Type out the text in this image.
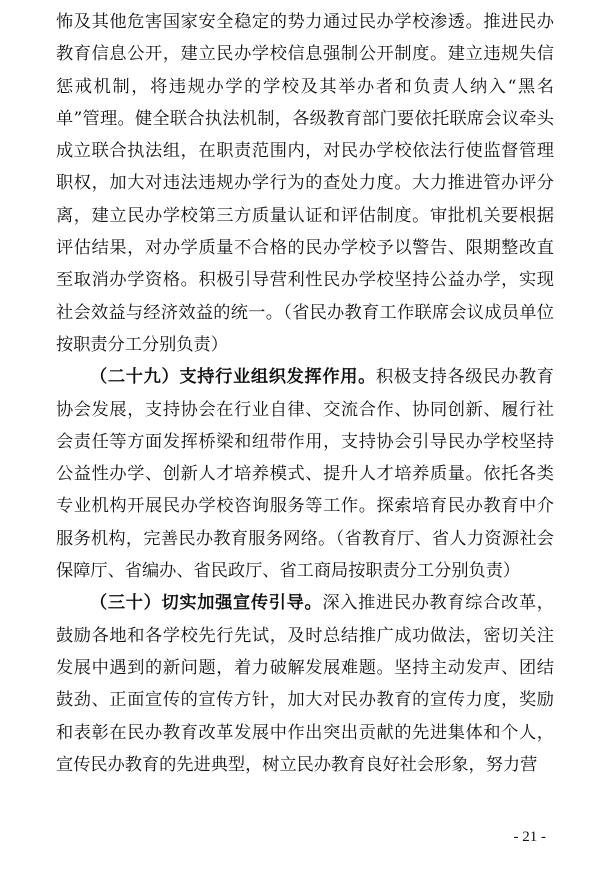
怖及其他危害国家安全稳定的势力通过民办学校渗透。推进民办教育信息公开，建立民办学校信息强制公开制度。建立违规失信惩戒机制，将违规办学的学校及其举办者和负责人纳入“黑名单”管理。健全联合执法机制，各级教育部门要依托联席会议牵头成立联合执法组，在职责范围内，对民办学校依法行使监督管理职权，加大对违法违规办学行为的查处力度。大力推进管办评分离，建立民办学校第三方质量认证和评估制度。审批机关要根据评估结果，对办学质量不合格的民办学校予以警告、限期整改直至取消办学资格。积极引导营利性民办学校坚持公益办学，实现社会效益与经济效益的统一。（省民办教育工作联席会议成员单位按职责分工分别负责）

（二十九）支持行业组织发挥作用。积极支持各级民办教育协会发展，支持协会在行业自律、交流合作、协同创新、履行社会责任等方面发挥桥梁和纽带作用，支持协会引导民办学校坚持公益性办学、创新人才培养模式、提升人才培养质量。依托各类专业机构开展民办学校咨询服务等工作。探索培育民办教育中介服务机构，完善民办教育服务网络。（省教育厅、省人力资源社会保障厅、省编办、省民政厅、省工商局按职责分工分别负责）

（三十）切实加强宣传引导。深入推进民办教育综合改革，鼓励各地和各学校先行先试，及时总结推广成功做法，密切关注发展中遇到的新问题，着力破解发展难题。坚持主动发声、团结鼓劲、正面宣传的宣传方针，加大对民办教育的宣传力度，奖励和表彰在民办教育改革发展中作出突出贡献的先进集体和个人，宣传民办教育的先进典型，树立民办教育良好社会形象，努力营

- 21 -
